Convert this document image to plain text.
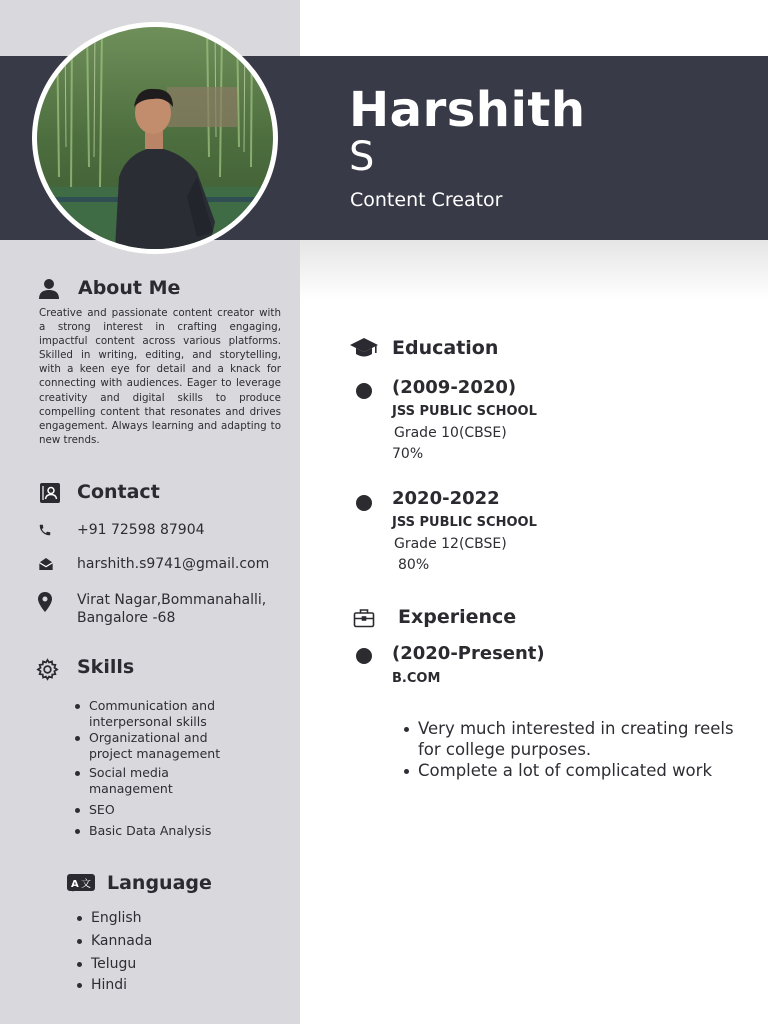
Harshith
S
Content Creator
About Me
Creative and passionate content creator with a strong interest in crafting engaging, impactful content across various platforms. Skilled in writing, editing, and storytelling, with a keen eye for detail and a knack for connecting with audiences. Eager to leverage creativity and digital skills to produce compelling content that resonates and drives engagement. Always learning and adapting to new trends.
Contact
+91 72598 87904
harshith.s9741@gmail.com
Virat Nagar,Bommanahalli,
Bangalore -68
Skills
Communication and
interpersonal skills
Organizational and
project management
Social media
management
SEO
Basic Data Analysis
A 文 Language
English
Kannada
Telugu
Hindi
Education
(2009-2020)
JSS PUBLIC SCHOOL
Grade 10(CBSE)
70%
2020-2022
JSS PUBLIC SCHOOL
Grade 12(CBSE)
80%
Experience
(2020-Present)
B.COM
Very much interested in creating reels for college purposes.
Complete a lot of complicated work
